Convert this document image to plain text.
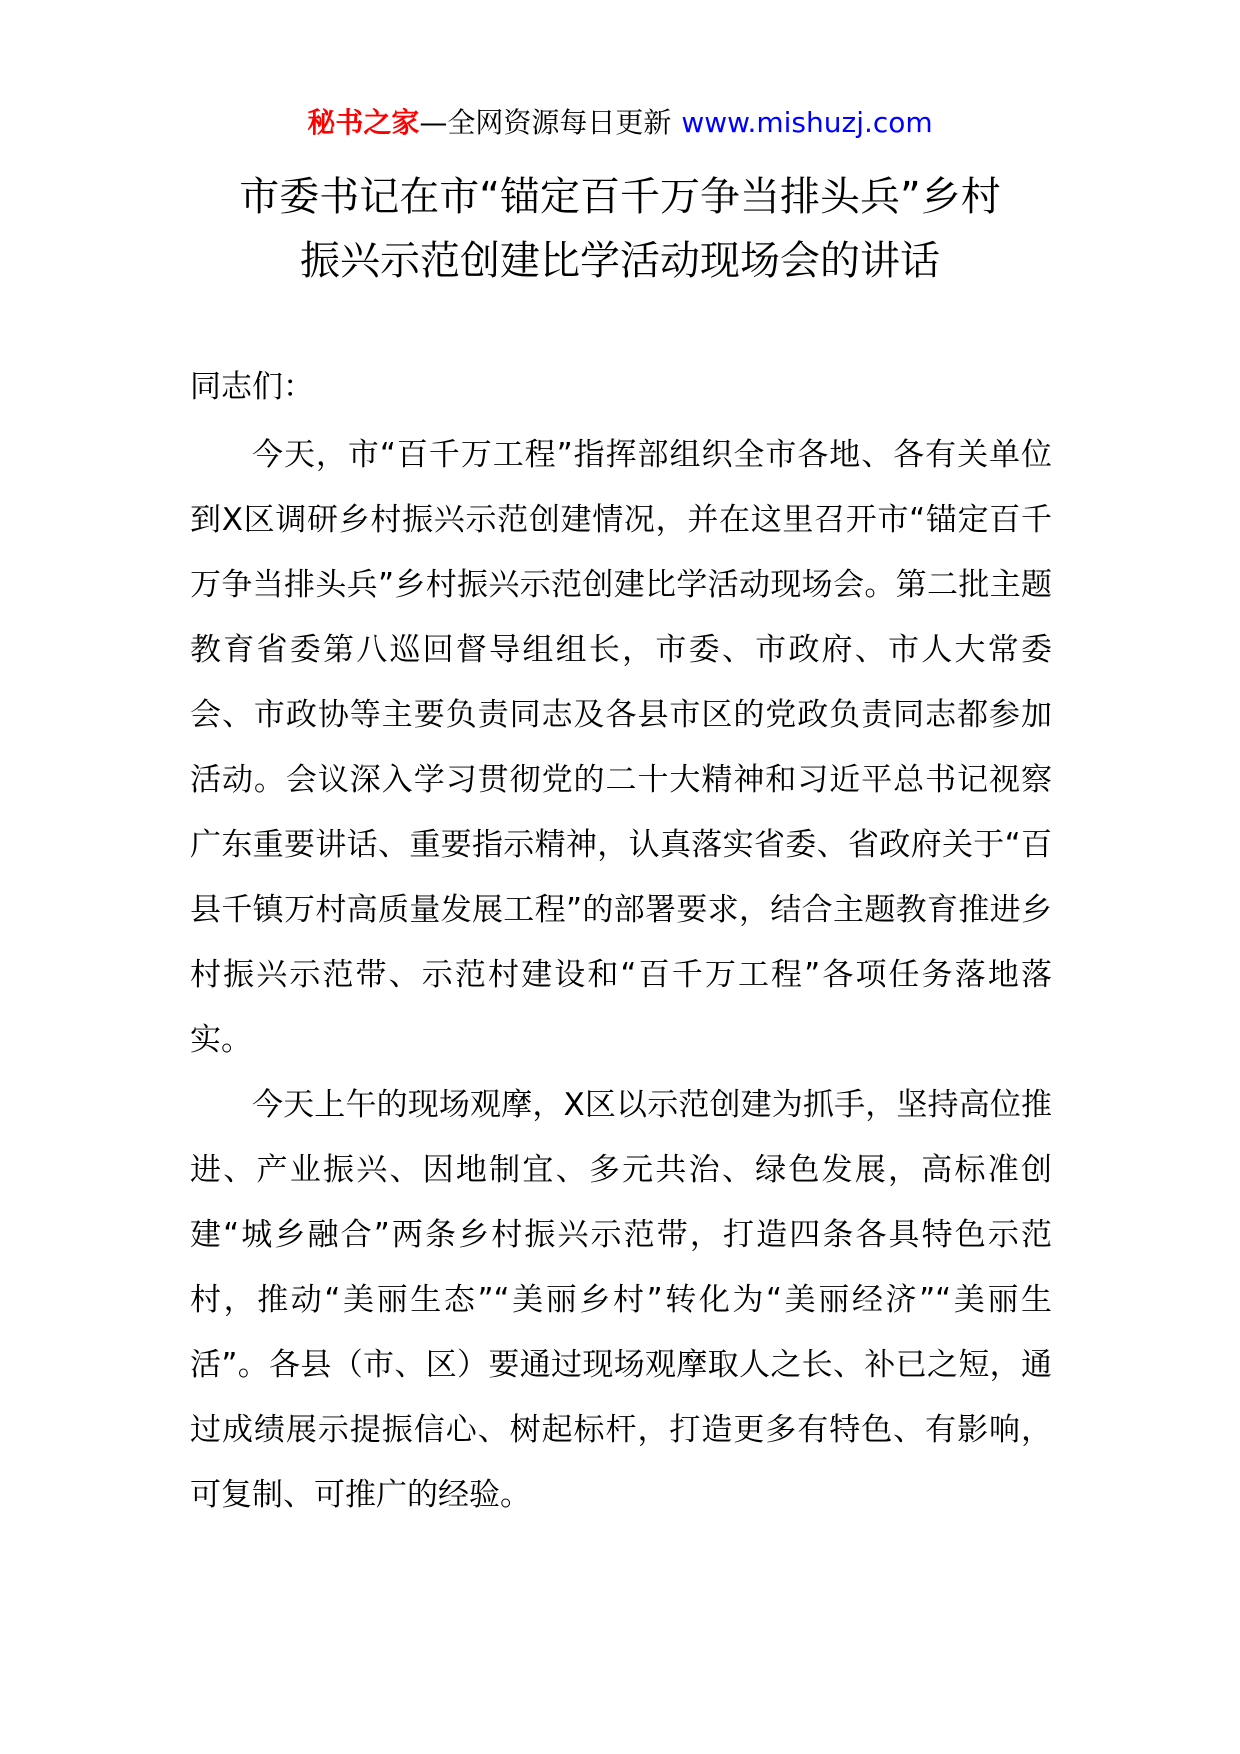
秘书之家—全网资源每日更新 www.mishuzj.com
市委书记在市“锚定百千万争当排头兵”乡村
振兴示范创建比学活动现场会的讲话

同志们：

今天，市“百千万工程”指挥部组织全市各地、各有关单位到X区调研乡村振兴示范创建情况，并在这里召开市“锚定百千万争当排头兵”乡村振兴示范创建比学活动现场会。第二批主题教育省委第八巡回督导组组长，市委、市政府、市人大常委会、市政协等主要负责同志及各县市区的党政负责同志都参加活动。会议深入学习贯彻党的二十大精神和习近平总书记视察广东重要讲话、重要指示精神，认真落实省委、省政府关于“百县千镇万村高质量发展工程”的部署要求，结合主题教育推进乡村振兴示范带、示范村建设和“百千万工程”各项任务落地落实。

今天上午的现场观摩，X区以示范创建为抓手，坚持高位推进、产业振兴、因地制宜、多元共治、绿色发展，高标准创建“城乡融合”两条乡村振兴示范带，打造四条各具特色示范村，推动“美丽生态”“美丽乡村”转化为“美丽经济”“美丽生活”。各县（市、区）要通过现场观摩取人之长、补已之短，通过成绩展示提振信心、树起标杆，打造更多有特色、有影响，可复制、可推广的经验。
